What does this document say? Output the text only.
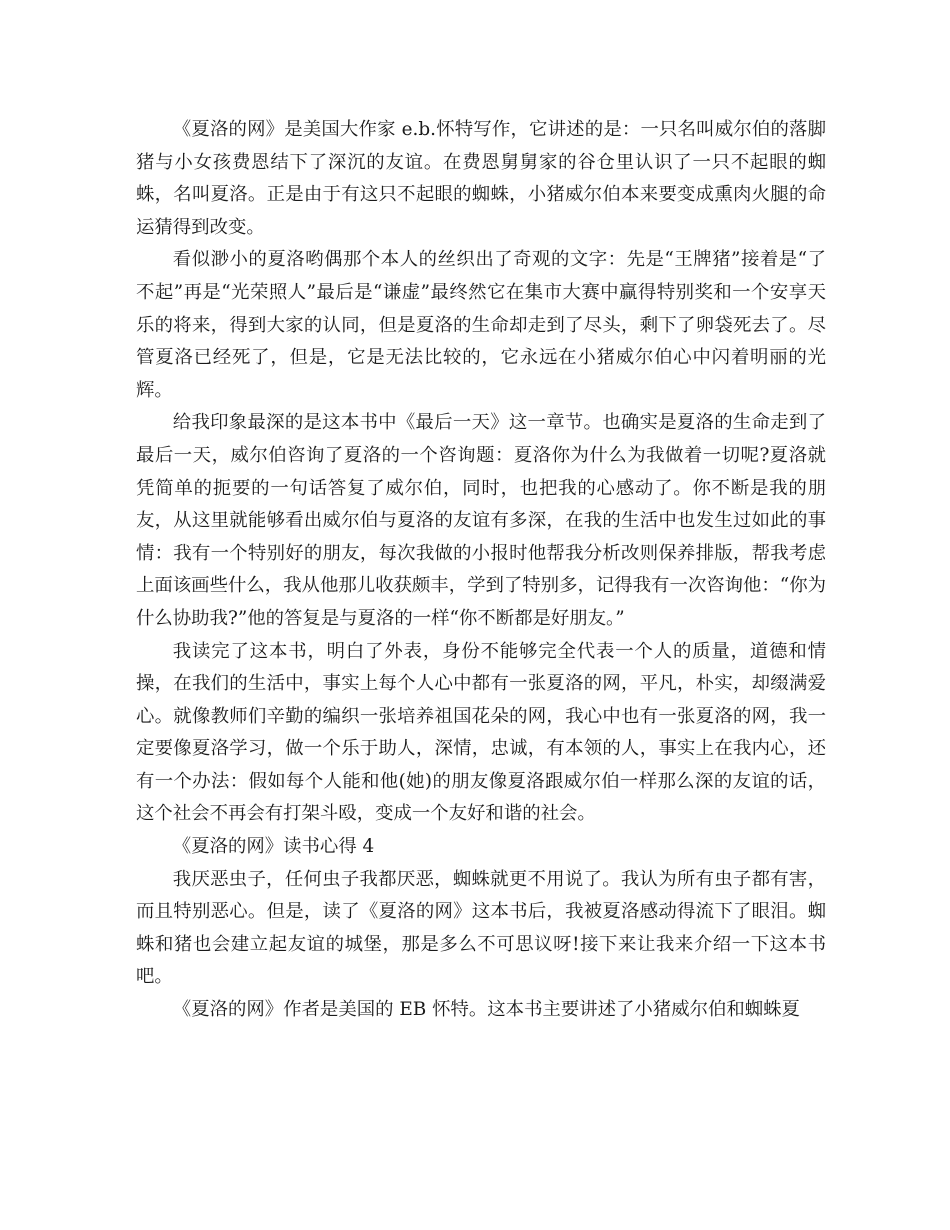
《夏洛的网》是美国大作家 e.b.怀特写作，它讲述的是：一只名叫威尔伯的落脚猪与小女孩费恩结下了深沉的友谊。在费恩舅舅家的谷仓里认识了一只不起眼的蜘蛛，名叫夏洛。正是由于有这只不起眼的蜘蛛，小猪威尔伯本来要变成熏肉火腿的命运猜得到改变。

看似渺小的夏洛哟偶那个本人的丝织出了奇观的文字：先是“王牌猪”接着是“了不起”再是“光荣照人”最后是“谦虚”最终然它在集市大赛中赢得特别奖和一个安享天乐的将来，得到大家的认同，但是夏洛的生命却走到了尽头，剩下了卵袋死去了。尽管夏洛已经死了，但是，它是无法比较的，它永远在小猪威尔伯心中闪着明丽的光辉。

给我印象最深的是这本书中《最后一天》这一章节。也确实是夏洛的生命走到了最后一天，威尔伯咨询了夏洛的一个咨询题：夏洛你为什么为我做着一切呢?夏洛就凭简单的扼要的一句话答复了威尔伯，同时，也把我的心感动了。你不断是我的朋友，从这里就能够看出威尔伯与夏洛的友谊有多深，在我的生活中也发生过如此的事情：我有一个特别好的朋友，每次我做的小报时他帮我分析改则保养排版，帮我考虑上面该画些什么，我从他那儿收获颇丰，学到了特别多，记得我有一次咨询他：“你为什么协助我?”他的答复是与夏洛的一样“你不断都是好朋友。”

我读完了这本书，明白了外表，身份不能够完全代表一个人的质量，道德和情操，在我们的生活中，事实上每个人心中都有一张夏洛的网，平凡，朴实，却缀满爱心。就像教师们辛勤的编织一张培养祖国花朵的网，我心中也有一张夏洛的网，我一定要像夏洛学习，做一个乐于助人，深情，忠诚，有本领的人，事实上在我内心，还有一个办法：假如每个人能和他(她)的朋友像夏洛跟威尔伯一样那么深的友谊的话，这个社会不再会有打架斗殴，变成一个友好和谐的社会。

《夏洛的网》读书心得 4

我厌恶虫子，任何虫子我都厌恶，蜘蛛就更不用说了。我认为所有虫子都有害，而且特别恶心。但是，读了《夏洛的网》这本书后，我被夏洛感动得流下了眼泪。蜘蛛和猪也会建立起友谊的城堡，那是多么不可思议呀!接下来让我来介绍一下这本书吧。

《夏洛的网》作者是美国的 EB 怀特。这本书主要讲述了小猪威尔伯和蜘蛛夏
